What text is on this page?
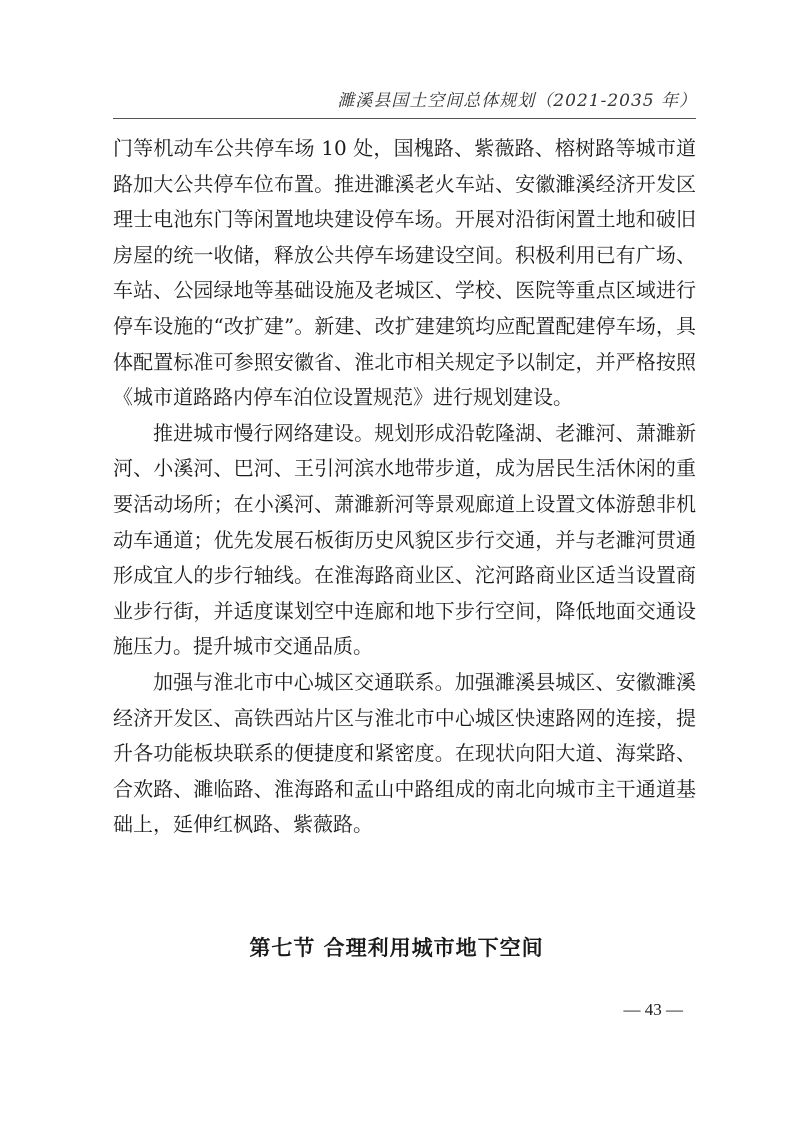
濉溪县国土空间总体规划（2021-2035 年）

门等机动车公共停车场 10 处，国槐路、紫薇路、榕树路等城市道路加大公共停车位布置。推进濉溪老火车站、安徽濉溪经济开发区理士电池东门等闲置地块建设停车场。开展对沿街闲置土地和破旧房屋的统一收储，释放公共停车场建设空间。积极利用已有广场、车站、公园绿地等基础设施及老城区、学校、医院等重点区域进行停车设施的“改扩建”。新建、改扩建建筑均应配置配建停车场，具体配置标准可参照安徽省、淮北市相关规定予以制定，并严格按照《城市道路路内停车泊位设置规范》进行规划建设。

推进城市慢行网络建设。规划形成沿乾隆湖、老濉河、萧濉新河、小溪河、巴河、王引河滨水地带步道，成为居民生活休闲的重要活动场所；在小溪河、萧濉新河等景观廊道上设置文体游憩非机动车通道；优先发展石板街历史风貌区步行交通，并与老濉河贯通形成宜人的步行轴线。在淮海路商业区、沱河路商业区适当设置商业步行街，并适度谋划空中连廊和地下步行空间，降低地面交通设施压力。提升城市交通品质。

加强与淮北市中心城区交通联系。加强濉溪县城区、安徽濉溪经济开发区、高铁西站片区与淮北市中心城区快速路网的连接，提升各功能板块联系的便捷度和紧密度。在现状向阳大道、海棠路、合欢路、濉临路、淮海路和孟山中路组成的南北向城市主干通道基础上，延伸红枫路、紫薇路。

第七节 合理利用城市地下空间
— 43 —
